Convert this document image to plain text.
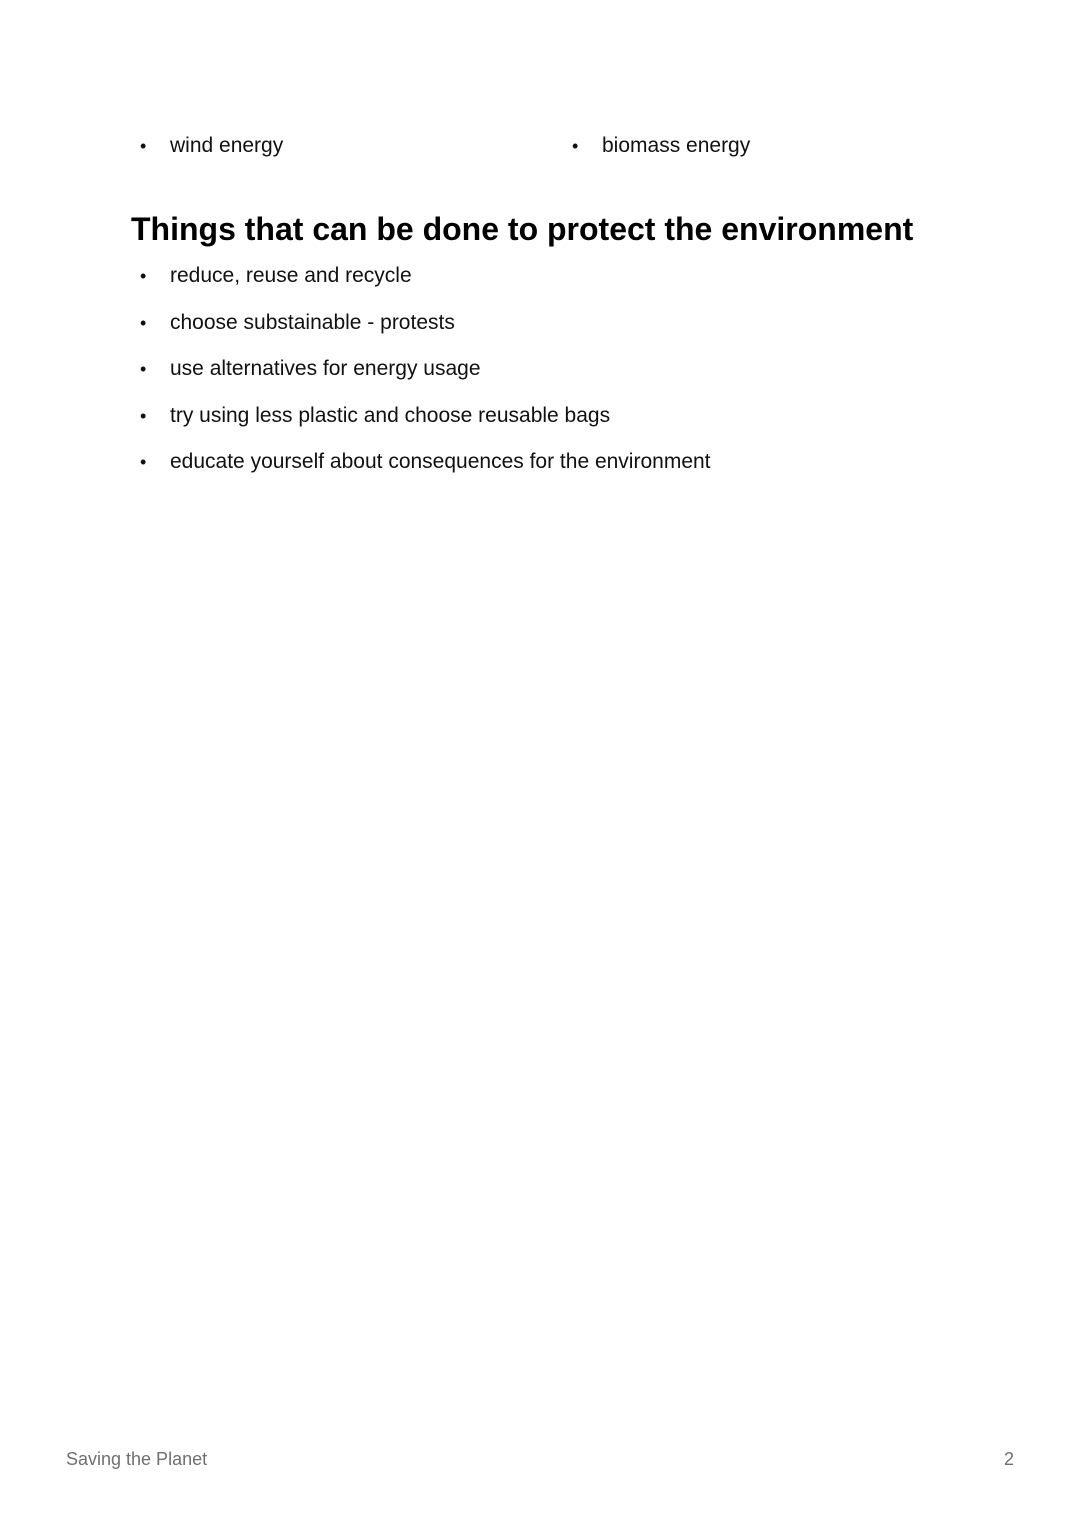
•	wind energy	•	biomass energy
Things that can be done to protect the environment
•	reduce, reuse and recycle
•	choose substainable - protests
•	use alternatives for energy usage
•	try using less plastic and choose reusable bags
•	educate yourself about consequences for the environment
Saving the Planet	2
